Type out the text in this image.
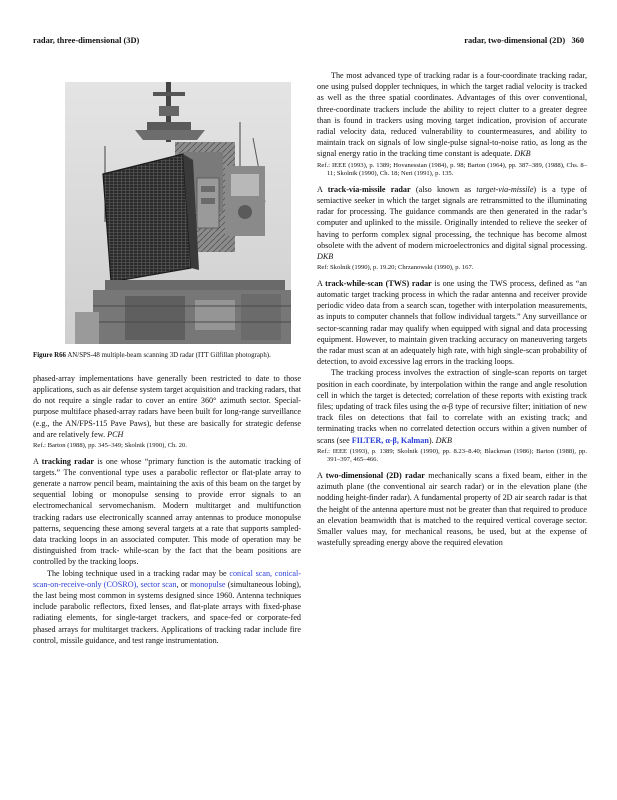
radar, three-dimensional (3D)	radar, two-dimensional (2D) 360

Figure R66 AN/SPS-48 multiple-beam scanning 3D radar (ITT Gilfillan photograph).

phased-array implementations have generally been restricted to date to those applications, such as air defense system target acquisition and tracking radars, that do not require a single radar to cover an entire 360° azimuth sector. Special-purpose multiface phased-array radars have been built for long-range surveillance (e.g., the AN/FPS-115 Pave Paws), but these are basically for strategic defense and are relatively few. PCH

Ref.: Barton (1988), pp. 345–349; Skolnik (1990), Ch. 20.

A tracking radar is one whose “primary function is the automatic tracking of targets.” The conventional type uses a parabolic reflector or flat-plate array to generate a narrow pencil beam, maintaining the axis of this beam on the target by sequential lobing or monopulse sensing to provide error signals to an electromechanical servomechanism. Modern multitarget and multifunction tracking radars use electronically scanned array antennas to produce monopulse patterns, sequencing these among several targets at a rate that supports sampled-data tracking loops in an associated computer. This mode of operation may be distinguished from track- while-scan by the fact that the beam positions are controlled by the tracking loops.

The lobing technique used in a tracking radar may be conical scan, conical-scan-on-receive-only (COSRO), sector scan, or monopulse (simultaneous lobing), the last being most common in systems designed since 1960. Antenna techniques include parabolic reflectors, fixed lenses, and flat-plate arrays with fixed-phase radiating elements, for single-target trackers, and space-fed or corporate-fed phased arrays for multitarget trackers. Applications of tracking radar include fire control, missile guidance, and test range instrumentation.

The most advanced type of tracking radar is a four-coordinate tracking radar, one using pulsed doppler techniques, in which the target radial velocity is tracked as well as the three spatial coordinates. Advantages of this over conventional, three-coordinate trackers include the ability to reject clutter to a greater degree than is found in trackers using moving target indication, provision of accurate radial velocity data, reduced vulnerability to countermeasures, and ability to maintain track on signals of low single-pulse signal-to-noise ratio, as long as the signal energy ratio in the tracking time constant is adequate. DKB

Ref.: IEEE (1993), p. 1389; Hovanessian (1984), p. 98; Barton (1964), pp. 387–389, (1988), Chs. 8–11; Skolnik (1990), Ch. 18; Neri (1991), p. 135.

A track-via-missile radar (also known as target-via-missile) is a type of semiactive seeker in which the target signals are retransmitted to the illuminating radar for processing. The guidance commands are then generated in the radar’s computer and uplinked to the missile. Originally intended to relieve the seeker of having to perform complex signal processing, the technique has become almost obsolete with the advent of modern microelectronics and digital signal processing. DKB

Ref: Skolnik (1990), p. 19.20; Chrzanowski (1990), p. 167.

A track-while-scan (TWS) radar is one using the TWS process, defined as “an automatic target tracking process in which the radar antenna and receiver provide periodic video data from a search scan, together with interpolation measurements, as inputs to computer channels that follow individual targets.” Any surveillance or sector-scanning radar may qualify when equipped with signal and data processing equipment. However, to maintain given tracking accuracy on maneuvering targets the radar must scan at an adequately high rate, with high single-scan probability of detection, to avoid excessive lag errors in the tracking loops.

The tracking process involves the extraction of single-scan reports on target position in each coordinate, by interpolation within the range and angle resolution cell in which the target is detected; correlation of these reports with existing track files; updating of track files using the α-β type of recursive filter; initiation of new track files on detections that fail to correlate with an existing track; and terminating tracks when no correlated detection occurs within a given number of scans (see FILTER, α-β, Kalman). DKB

Ref.: IEEE (1993), p. 1389; Skolnik (1990), pp. 8.23–8.40; Blackman (1986); Barton (1988), pp. 391–397, 465–466.

A two-dimensional (2D) radar mechanically scans a fixed beam, either in the azimuth plane (the conventional air search radar) or in the elevation plane (the nodding height-finder radar). A fundamental property of 2D air search radar is that the height of the antenna aperture must not be greater than that required to produce an elevation beamwidth that is matched to the required vertical coverage sector. Smaller values may, for mechanical reasons, be used, but at the expense of wastefully spreading energy above the required elevation
